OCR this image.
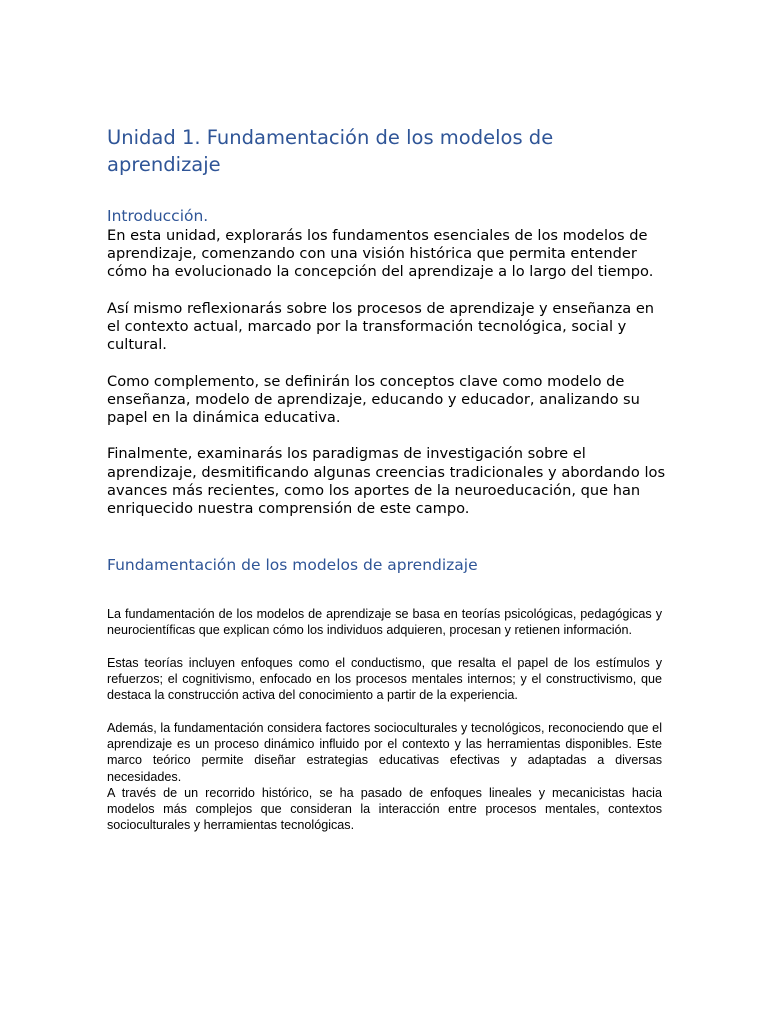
Unidad 1. Fundamentación de los modelos de aprendizaje
Introducción.

En esta unidad, explorarás los fundamentos esenciales de los modelos de aprendizaje, comenzando con una visión histórica que permita entender cómo ha evolucionado la concepción del aprendizaje a lo largo del tiempo.

Así mismo reflexionarás sobre los procesos de aprendizaje y enseñanza en el contexto actual, marcado por la transformación tecnológica, social y cultural.

Como complemento, se definirán los conceptos clave como modelo de enseñanza, modelo de aprendizaje, educando y educador, analizando su papel en la dinámica educativa.

Finalmente, examinarás los paradigmas de investigación sobre el aprendizaje, desmitificando algunas creencias tradicionales y abordando los avances más recientes, como los aportes de la neuroeducación, que han enriquecido nuestra comprensión de este campo.

Fundamentación de los modelos de aprendizaje

La fundamentación de los modelos de aprendizaje se basa en teorías psicológicas, pedagógicas y neurocientíficas que explican cómo los individuos adquieren, procesan y retienen información.

Estas teorías incluyen enfoques como el conductismo, que resalta el papel de los estímulos y refuerzos; el cognitivismo, enfocado en los procesos mentales internos; y el constructivismo, que destaca la construcción activa del conocimiento a partir de la experiencia.

Además, la fundamentación considera factores socioculturales y tecnológicos, reconociendo que el aprendizaje es un proceso dinámico influido por el contexto y las herramientas disponibles. Este marco teórico permite diseñar estrategias educativas efectivas y adaptadas a diversas necesidades.

A través de un recorrido histórico, se ha pasado de enfoques lineales y mecanicistas hacia modelos más complejos que consideran la interacción entre procesos mentales, contextos socioculturales y herramientas tecnológicas.
